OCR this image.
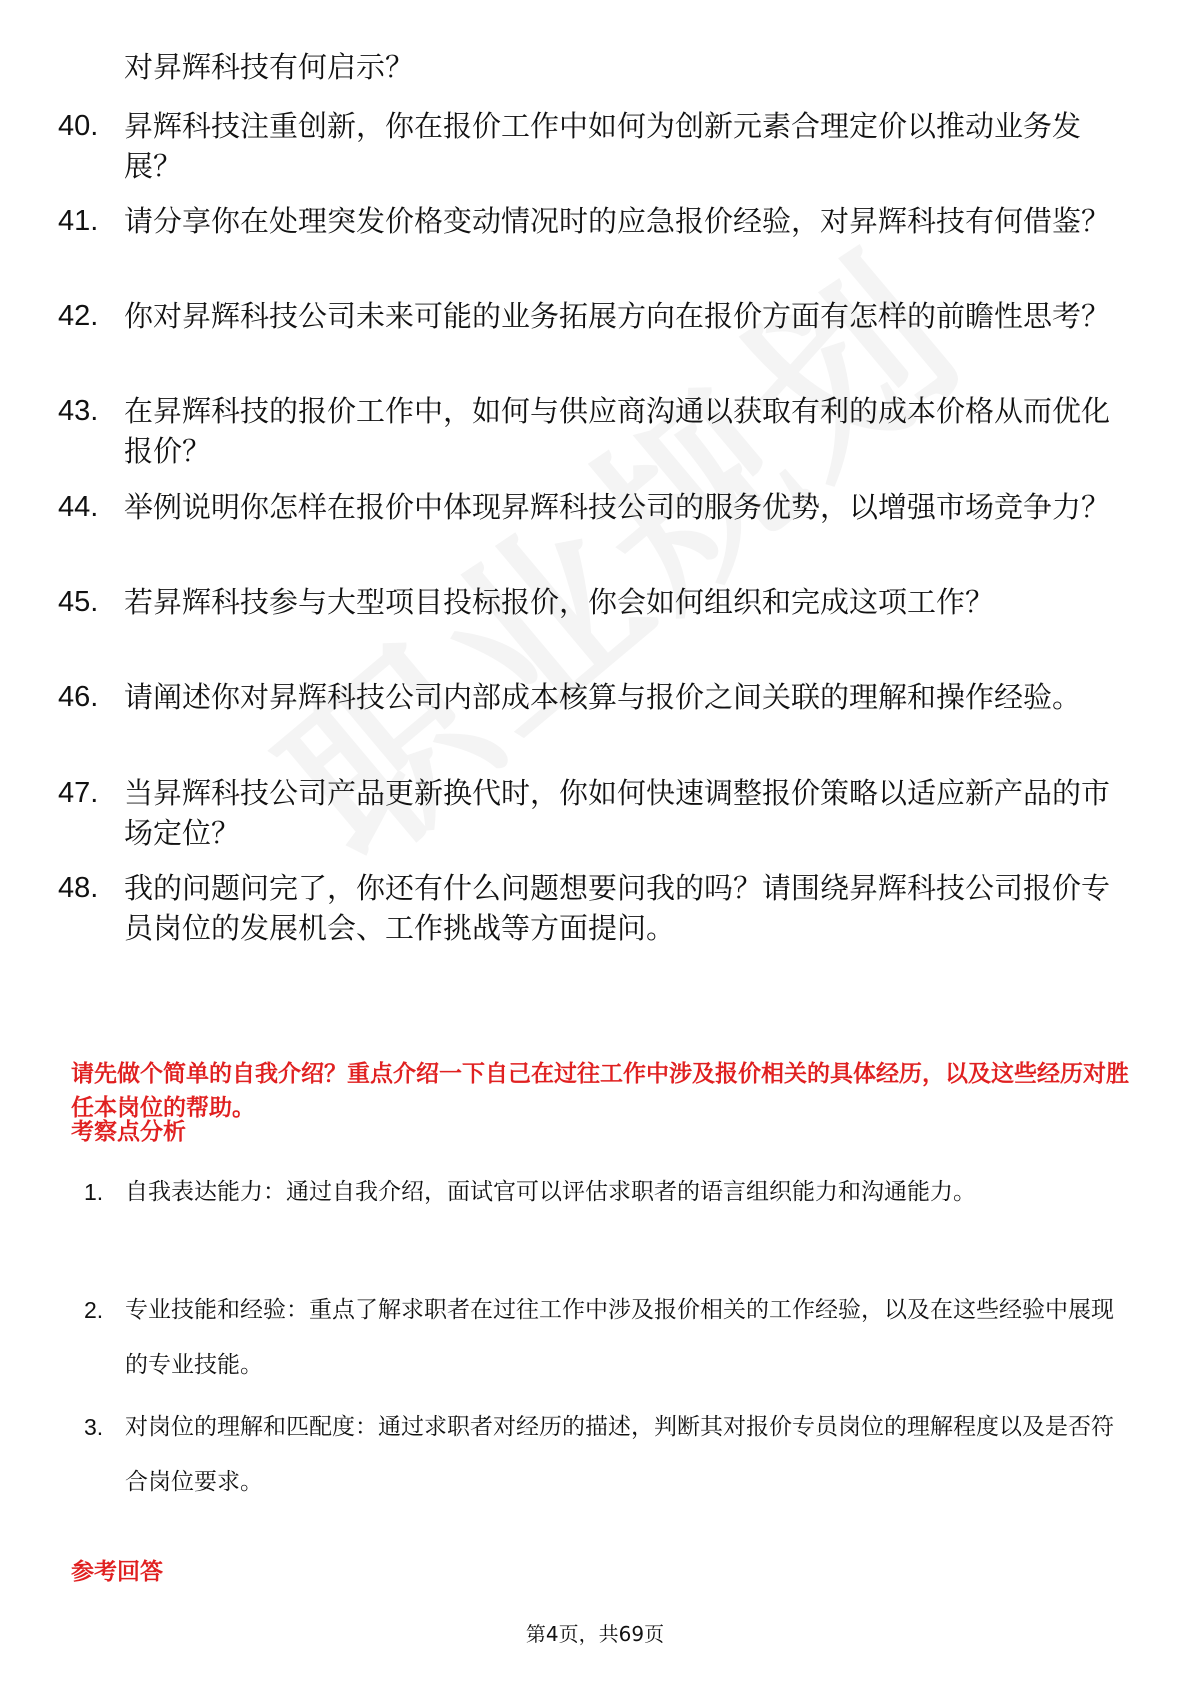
对昇辉科技有何启示？
40. 昇辉科技注重创新，你在报价工作中如何为创新元素合理定价以推动业务发展？
41. 请分享你在处理突发价格变动情况时的应急报价经验，对昇辉科技有何借鉴？
42. 你对昇辉科技公司未来可能的业务拓展方向在报价方面有怎样的前瞻性思考？
43. 在昇辉科技的报价工作中，如何与供应商沟通以获取有利的成本价格从而优化报价？
44. 举例说明你怎样在报价中体现昇辉科技公司的服务优势，以增强市场竞争力？
45. 若昇辉科技参与大型项目投标报价，你会如何组织和完成这项工作？
46. 请阐述你对昇辉科技公司内部成本核算与报价之间关联的理解和操作经验。
47. 当昇辉科技公司产品更新换代时，你如何快速调整报价策略以适应新产品的市场定位？
48. 我的问题问完了，你还有什么问题想要问我的吗？请围绕昇辉科技公司报价专员岗位的发展机会、工作挑战等方面提问。
请先做个简单的自我介绍？重点介绍一下自己在过往工作中涉及报价相关的具体经历，以及这些经历对胜任本岗位的帮助。
考察点分析
1. 自我表达能力：通过自我介绍，面试官可以评估求职者的语言组织能力和沟通能力。
2. 专业技能和经验：重点了解求职者在过往工作中涉及报价相关的工作经验，以及在这些经验中展现的专业技能。
3. 对岗位的理解和匹配度：通过求职者对经历的描述，判断其对报价专员岗位的理解程度以及是否符合岗位要求。
参考回答
第4页，共69页
